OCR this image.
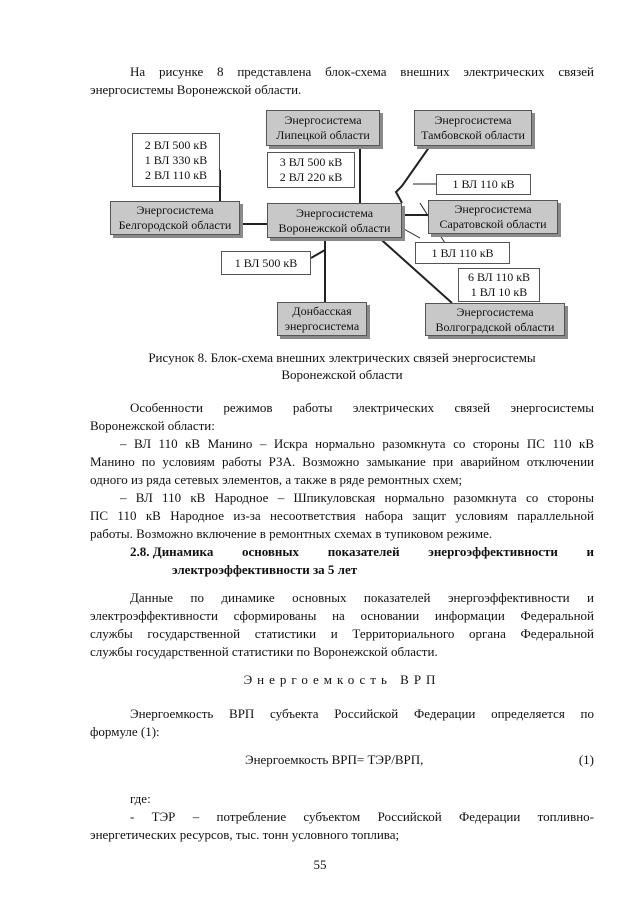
На рисунке 8 представлена блок-схема внешних электрических связей
энергосистемы Воронежской области.

Энергосистема
Липецкой области
Энергосистема
Тамбовской области
Энергосистема
Белгородской области
Энергосистема
Воронежской области
Энергосистема
Саратовской области
Донбасская
энергосистема
Энергосистема
Волгоградской области
2 ВЛ 500 кВ
1 ВЛ 330 кВ
2 ВЛ 110 кВ
3 ВЛ 500 кВ
2 ВЛ 220 кВ	1 ВЛ 110 кВ
1 ВЛ 110 кВ
1 ВЛ 500 кВ
6 ВЛ 110 кВ
1 ВЛ 10 кВ
Рисунок 8. Блок-схема внешних электрических связей энергосистемы
Воронежской области

Особенности режимов работы электрических связей энергосистемы
Воронежской области:
– ВЛ 110 кВ Манино – Искра нормально разомкнута со стороны ПС 110 кВ
Манино по условиям работы РЗА. Возможно замыкание при аварийном отключении
одного из ряда сетевых элементов, а также в ряде ремонтных схем;
– ВЛ 110 кВ Народное – Шпикуловская нормально разомкнута со стороны
ПС 110 кВ Народное из-за несоответствия набора защит условиям параллельной
работы. Возможно включение в ремонтных схемах в тупиковом режиме.

2.8. Динамика основных показателей энергоэффективности и
электроэффективности за 5 лет

Данные по динамике основных показателей энергоэффективности и
электроэффективности сформированы на основании информации Федеральной
службы государственной статистики и Территориального органа Федеральной
службы государственной статистики по Воронежской области.

Энергоемкость ВРП

Энергоемкость ВРП субъекта Российской Федерации определяется по
формуле (1):

Энергоемкость ВРП= ТЭР/ВРП,	(1)

где:
- ТЭР – потребление субъектом Российской Федерации топливно-
энергетических ресурсов, тыс. тонн условного топлива;

55
